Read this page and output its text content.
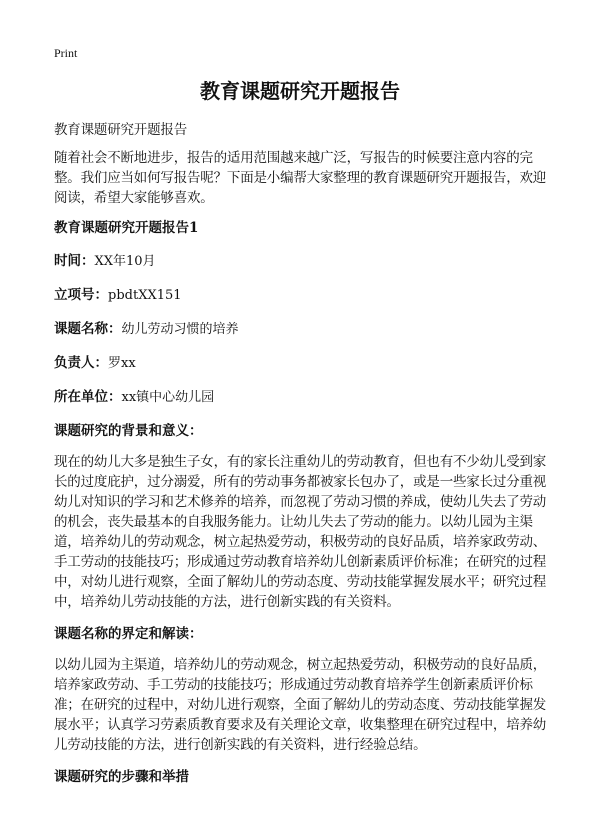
Print
教育课题研究开题报告

教育课题研究开题报告

随着社会不断地进步，报告的适用范围越来越广泛，写报告的时候要注意内容的完整。我们应当如何写报告呢？下面是小编帮大家整理的教育课题研究开题报告，欢迎阅读，希望大家能够喜欢。

教育课题研究开题报告1

时间：XX年10月

立项号：pbdtXX151

课题名称：幼儿劳动习惯的培养

负责人：罗xx

所在单位：xx镇中心幼儿园

课题研究的背景和意义：

现在的幼儿大多是独生子女，有的家长注重幼儿的劳动教育，但也有不少幼儿受到家长的过度庇护，过分溺爱，所有的劳动事务都被家长包办了，或是一些家长过分重视幼儿对知识的学习和艺术修养的培养，而忽视了劳动习惯的养成，使幼儿失去了劳动的机会，丧失最基本的自我服务能力。让幼儿失去了劳动的能力。以幼儿园为主渠道，培养幼儿的劳动观念，树立起热爱劳动，积极劳动的良好品质，培养家政劳动、手工劳动的技能技巧；形成通过劳动教育培养幼儿创新素质评价标准；在研究的过程中，对幼儿进行观察，全面了解幼儿的劳动态度、劳动技能掌握发展水平；研究过程中，培养幼儿劳动技能的方法，进行创新实践的有关资料。

课题名称的界定和解读：

以幼儿园为主渠道，培养幼儿的劳动观念，树立起热爱劳动，积极劳动的良好品质，培养家政劳动、手工劳动的技能技巧；形成通过劳动教育培养学生创新素质评价标准；在研究的过程中，对幼儿进行观察，全面了解幼儿的劳动态度、劳动技能掌握发展水平；认真学习劳素质教育要求及有关理论文章，收集整理在研究过程中，培养幼儿劳动技能的方法，进行创新实践的有关资料，进行经验总结。

课题研究的步骤和举措
